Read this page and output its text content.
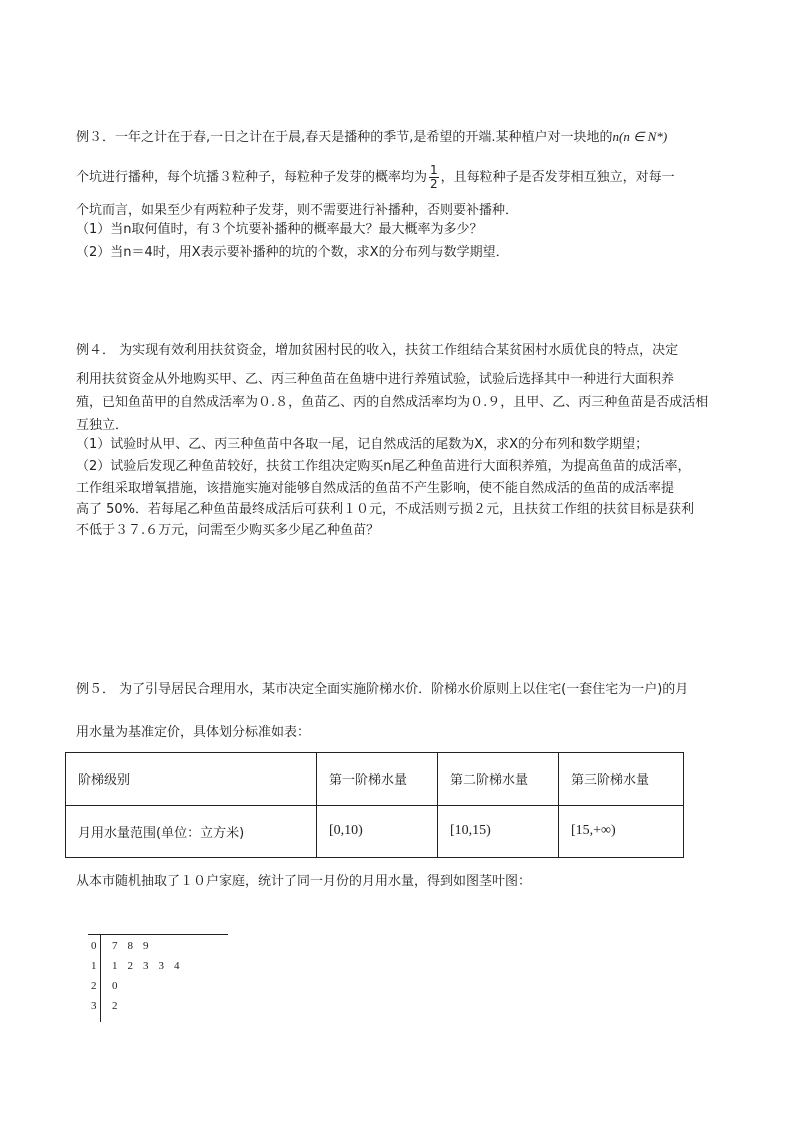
例３．一年之计在于春,一日之计在于晨,春天是播种的季节,是希望的开端.某种植户对一块地的n(n ∈ N*)
个坑进行播种，每个坑播３粒种子，每粒种子发芽的概率均为 $\frac{1}{2}$ ，且每粒种子是否发芽相互独立，对每一
个坑而言，如果至少有两粒种子发芽，则不需要进行补播种，否则要补播种．
（1）当n取何值时，有３个坑要补播种的概率最大？最大概率为多少？
（2）当n＝4时，用X表示要补播种的坑的个数，求X的分布列与数学期望．
例４． 为实现有效利用扶贫资金，增加贫困村民的收入，扶贫工作组结合某贫困村水质优良的特点，决定
利用扶贫资金从外地购买甲、乙、丙三种鱼苗在鱼塘中进行养殖试验，试验后选择其中一种进行大面积养
殖，已知鱼苗甲的自然成活率为０.８，鱼苗乙、丙的自然成活率均为０.９，且甲、乙、丙三种鱼苗是否成活相
互独立．
（1）试验时从甲、乙、丙三种鱼苗中各取一尾，记自然成活的尾数为X，求X的分布列和数学期望；
（2）试验后发现乙种鱼苗较好，扶贫工作组决定购买n尾乙种鱼苗进行大面积养殖，为提高鱼苗的成活率，
工作组采取增氧措施，该措施实施对能够自然成活的鱼苗不产生影响，使不能自然成活的鱼苗的成活率提
高了 50%．若每尾乙种鱼苗最终成活后可获利１０元，不成活则亏损２元，且扶贫工作组的扶贫目标是获利
不低于３７.６万元，问需至少购买多少尾乙种鱼苗？
例５． 为了引导居民合理用水，某市决定全面实施阶梯水价．阶梯水价原则上以住宅(一套住宅为一户)的月
用水量为基准定价，具体划分标准如表：
阶梯级别	第一阶梯水量	第二阶梯水量	第三阶梯水量
月用水量范围(单位：立方米)	[0,10)	[10,15)	[15,+∞)
从本市随机抽取了１０户家庭，统计了同一月份的月用水量，得到如图茎叶图：
0 7 8 9
1 1 2 3 3 4
2 0
3 2
